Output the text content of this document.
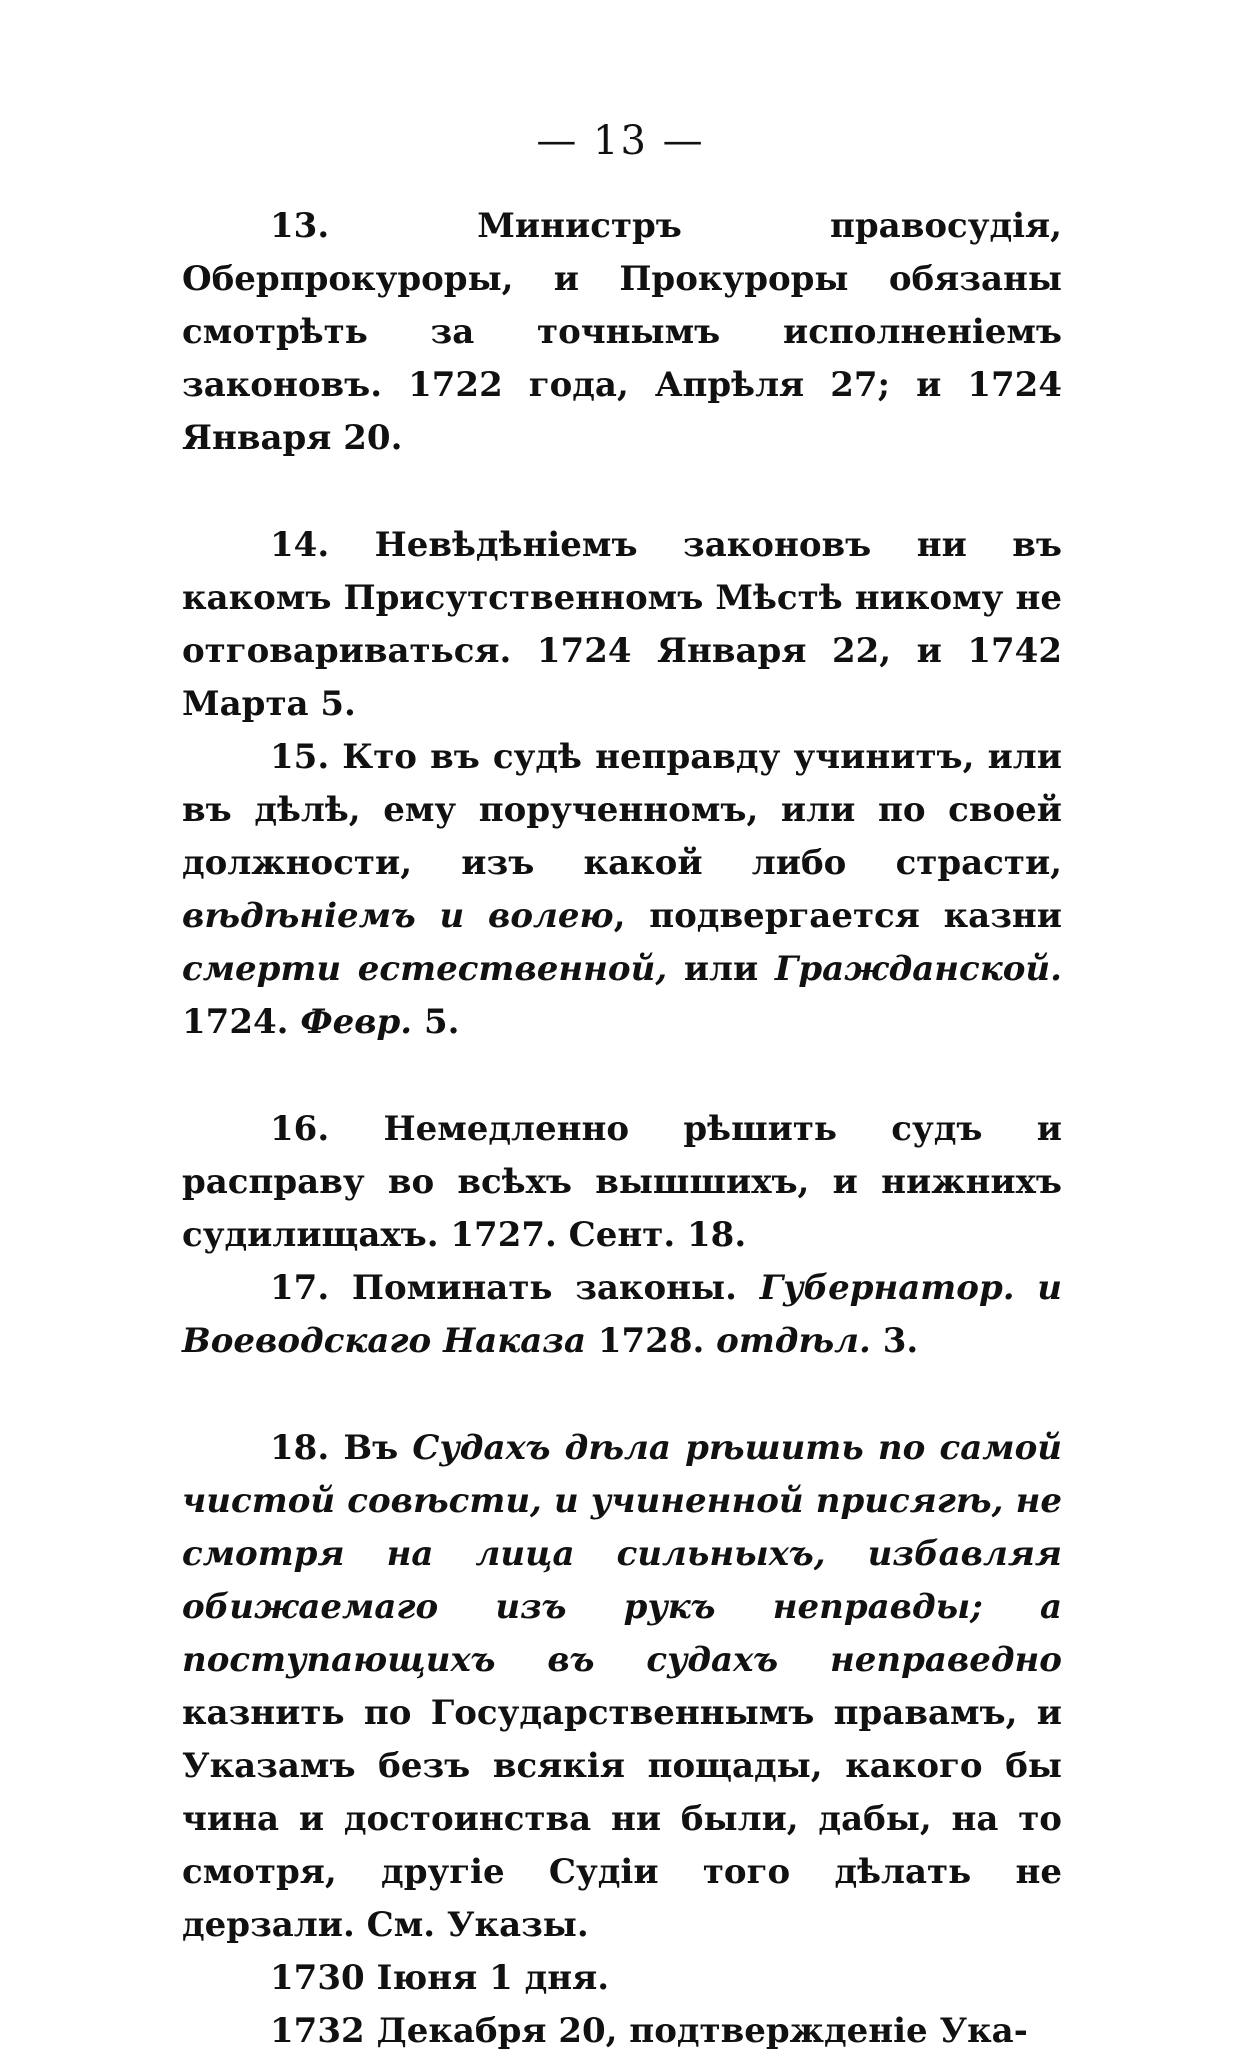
— 13 —

13. Министръ правосудія, Оберпрокуроры, и Прокуроры обязаны смотрѣть за точнымъ исполненіемъ законовъ. 1722 года, Апрѣля 27; и 1724 Января 20.

14. Невѣдѣніемъ законовъ ни въ какомъ Присутственномъ Мѣстѣ никому не отговариваться. 1724 Января 22, и 1742 Марта 5.

15. Кто въ судѣ неправду учинитъ, или въ дѣлѣ, ему порученномъ, или по своей должности, изъ какой либо страсти, вѣдѣніемъ и волею, подвергается казни смерти естественной, или Гражданской. 1724. Февр. 5.

16. Немедленно рѣшить судъ и расправу во всѣхъ вышшихъ, и нижнихъ судилищахъ. 1727. Сент. 18.

17. Поминать законы. Губернатор. и Воеводскаго Наказа 1728. отдѣл. 3.

18. Въ Судахъ дѣла рѣшить по самой чистой совѣсти, и учиненной присягѣ, не смотря на лица сильныхъ, избавляя обижаемаго изъ рукъ неправды; а поступающихъ въ судахъ неправедно казнить по Государственнымъ правамъ, и Указамъ безъ всякія пощады, какого бы чина и достоинства ни были, дабы, на то смотря, другіе Судіи того дѣлать не дерзали. См. Указы.

1730 Іюня 1 дня.

1732 Декабря 20, подтвержденіе Ука-
